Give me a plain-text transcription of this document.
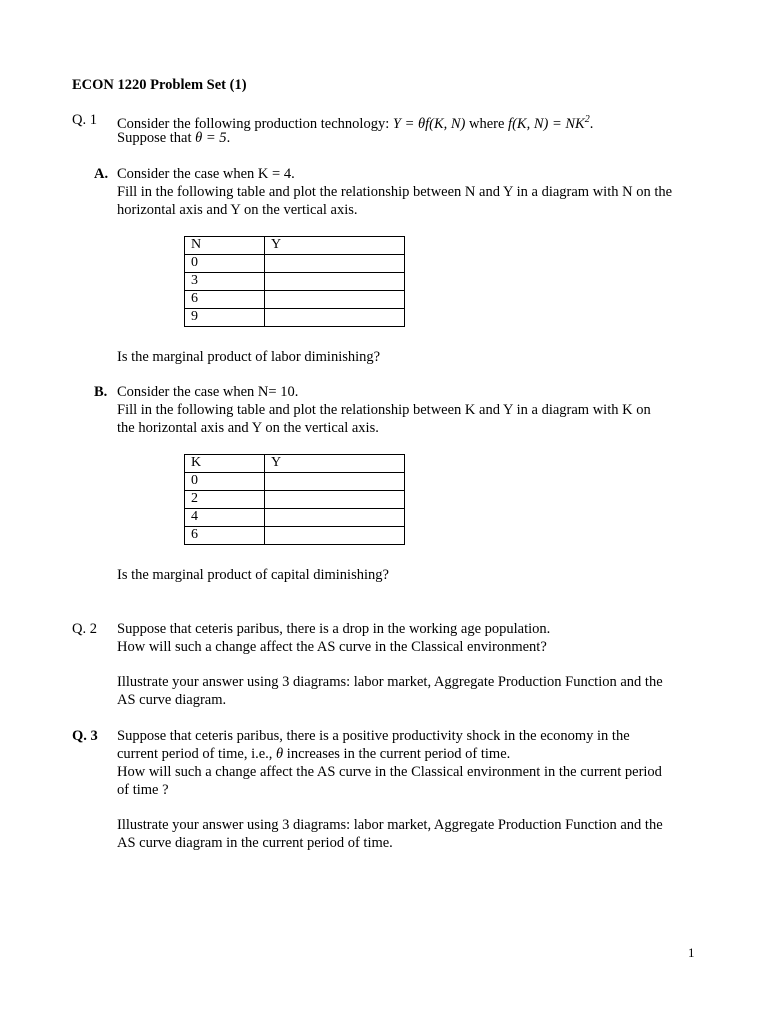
ECON 1220 Problem Set (1)
Q. 1 Consider the following production technology: Y = θf(K, N) where f(K, $N) = NK^2$.
Suppose that θ = 5.
A. Consider the case when K = 4.
Fill in the following table and plot the relationship between N and Y in a diagram with N on the
horizontal axis and Y on the vertical axis.
N	Y
0	
3	
6	
9	
Is the marginal product of labor diminishing?
B. Consider the case when N= 10.
Fill in the following table and plot the relationship between K and Y in a diagram with K on
the horizontal axis and Y on the vertical axis.
K	Y
0	
2	
4	
6	
Is the marginal product of capital diminishing?
Q. 2 Suppose that ceteris paribus, there is a drop in the working age population.
How will such a change affect the AS curve in the Classical environment?
Illustrate your answer using 3 diagrams: labor market, Aggregate Production Function and the
AS curve diagram.
Q. 3 Suppose that ceteris paribus, there is a positive productivity shock in the economy in the
current period of time, i.e., θ increases in the current period of time.
How will such a change affect the AS curve in the Classical environment in the current period
of time ?
Illustrate your answer using 3 diagrams: labor market, Aggregate Production Function and the
AS curve diagram in the current period of time.
1
